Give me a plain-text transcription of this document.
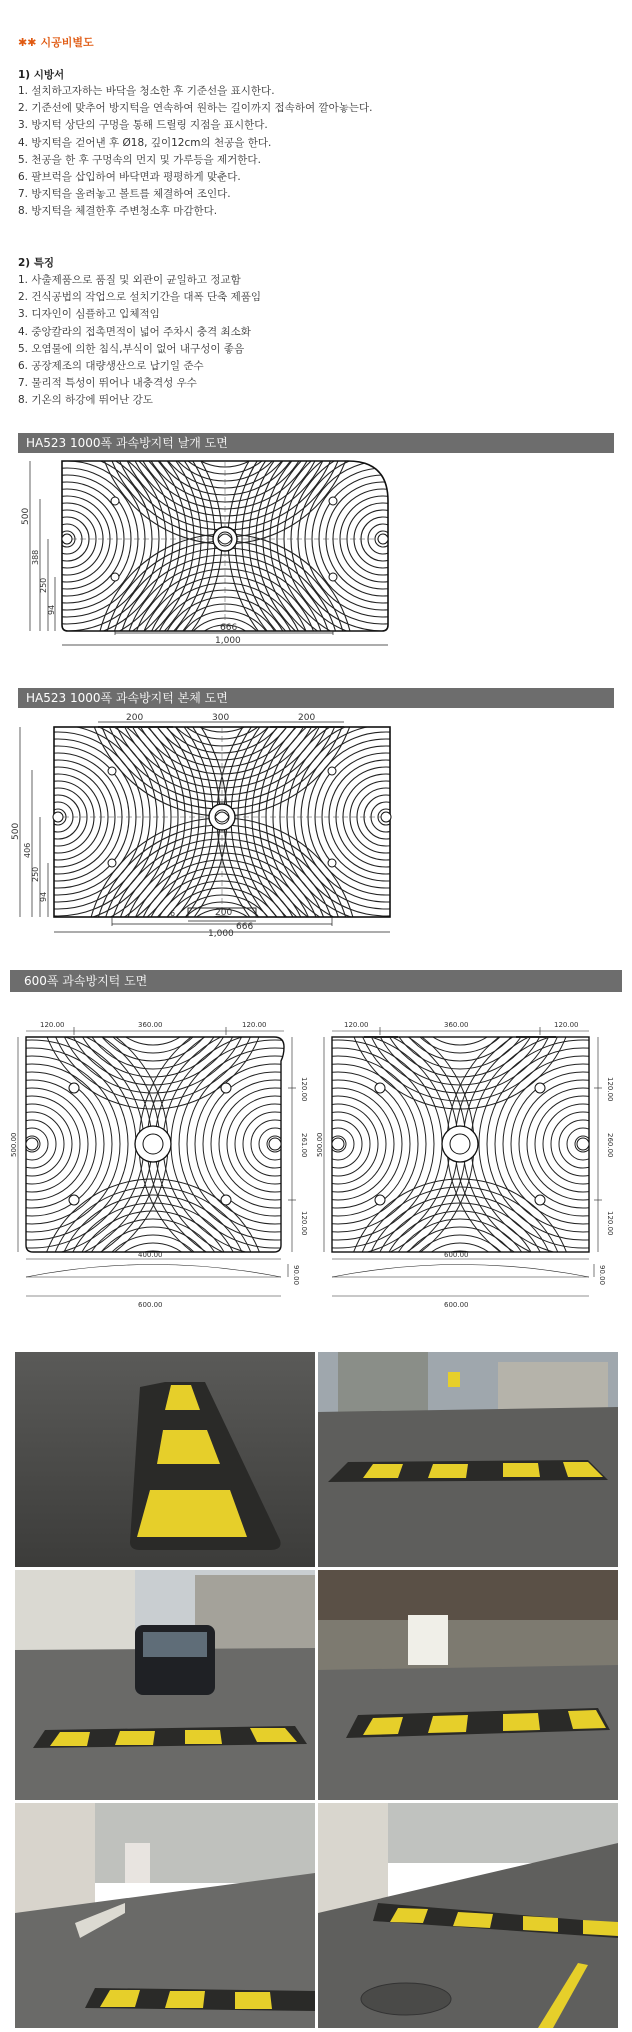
✱✱ 시공비별도
1) 시방서
1. 설치하고자하는 바닥을 청소한 후 기준선을 표시한다.
2. 기준선에 맞추어 방지턱을 연속하여 원하는 길이까지 접속하여 깔아놓는다.
3. 방지턱 상단의 구멍을 통해 드릴링 지점을 표시한다.
4. 방지턱을 걷어낸 후 Ø18, 깊이12cm의 천공을 한다.
5. 천공을 한 후 구멍속의 먼지 및 가루등을 제거한다.
6. 팔브럭을 삽입하여 바닥면과 평평하게 맞춘다.
7. 방지턱을 올려놓고 볼트를 체결하여 조인다.
8. 방지턱을 체결한후 주변청소후 마감한다.
2) 특징
1. 사출제품으로 품질 및 외관이 균일하고 정교함
2. 건식공법의 작업으로 설치기간을 대폭 단축 제품임
3. 디자인이 심플하고 입체적임
4. 중앙칼라의 접촉면적이 넓어 주차시 충격 최소화
5. 오염물에 의한 침식,부식이 없어 내구성이 좋음
6. 공장제조의 대량생산으로 납기일 준수
7. 물리적 특성이 뛰어나 내충격성 우수
8. 기온의 하강에 뛰어난 강도
HA523 1000폭 과속방지턱 날개 도면
500
388
250
94
666
1,000
HA523 1000폭 과속방지턱 본체 도면
200	300	200
500
406
250
94
6	200
666
1,000
600폭 과속방지턱 도면
120.00	360.00	120.00
500.00
120.00
261.00
120.00
400.00
90.00
600.00
120.00	360.00	120.00
500.00
120.00
260.00
120.00
600.00
90.00
600.00
